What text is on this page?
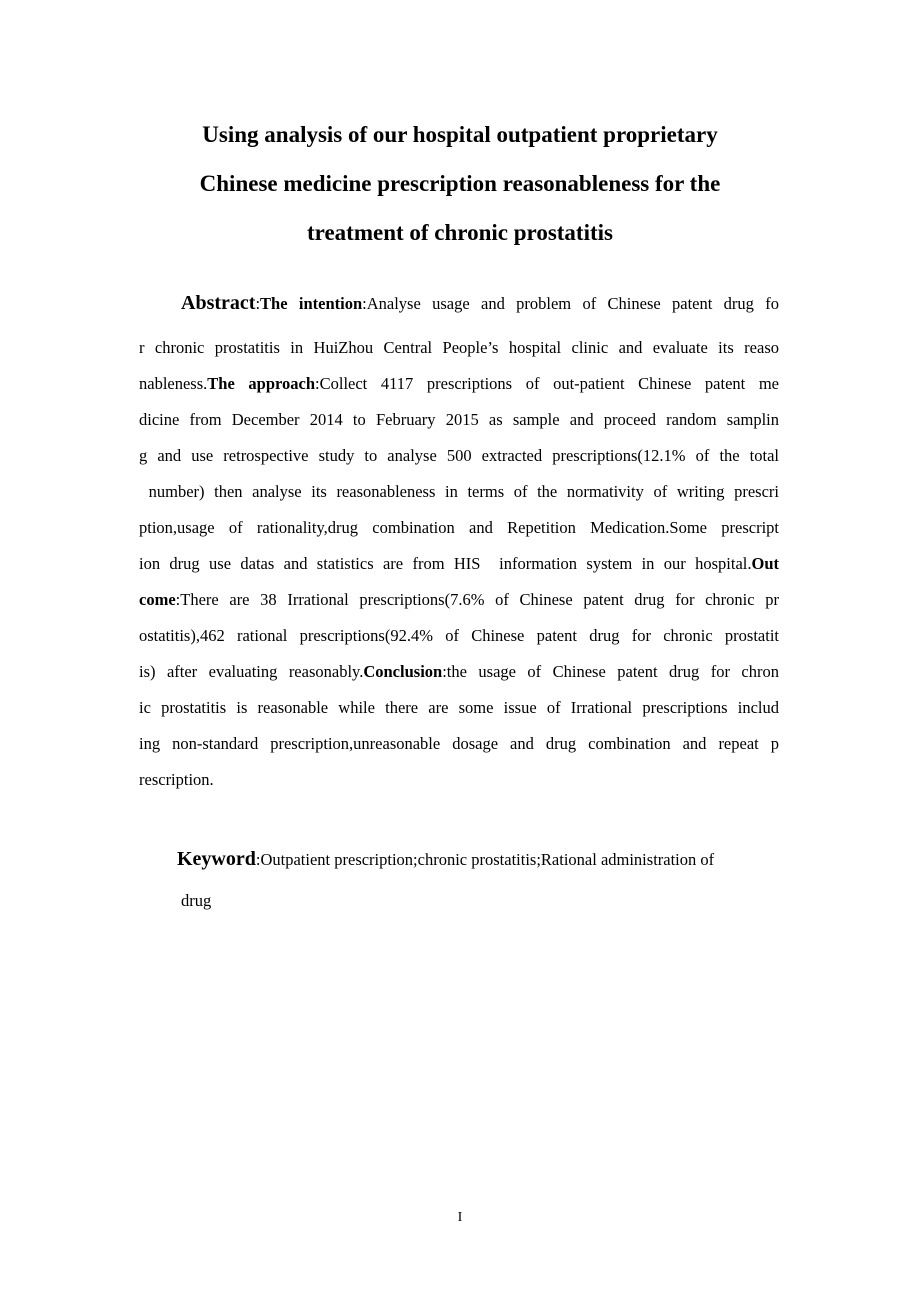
Using analysis of our hospital outpatient proprietary
Chinese medicine prescription reasonableness for the
treatment of chronic prostatitis
Abstract:The intention:Analyse usage and problem of Chinese patent drug fo
r chronic prostatitis in HuiZhou Central People’s hospital clinic and evaluate its reaso
nableness.The approach:Collect 4117 prescriptions of out-patient Chinese patent me
dicine from December 2014 to February 2015 as sample and proceed random samplin
g and use retrospective study to analyse 500 extracted prescriptions(12.1% of the total
number) then analyse its reasonableness in terms of the normativity of writing prescri
ption,usage of rationality,drug combination and Repetition Medication.Some prescript
ion drug use datas and statistics are from HIS  information system in our hospital.Out
come:There are 38 Irrational prescriptions(7.6% of Chinese patent drug for chronic pr
ostatitis),462 rational prescriptions(92.4% of Chinese patent drug for chronic prostatit
is) after evaluating reasonably.Conclusion:the usage of Chinese patent drug for chron
ic prostatitis is reasonable while there are some issue of Irrational prescriptions includ
ing non-standard prescription,unreasonable dosage and drug combination and repeat p
rescription.
Keyword:Outpatient prescription;chronic prostatitis;Rational administration of
drug
I
